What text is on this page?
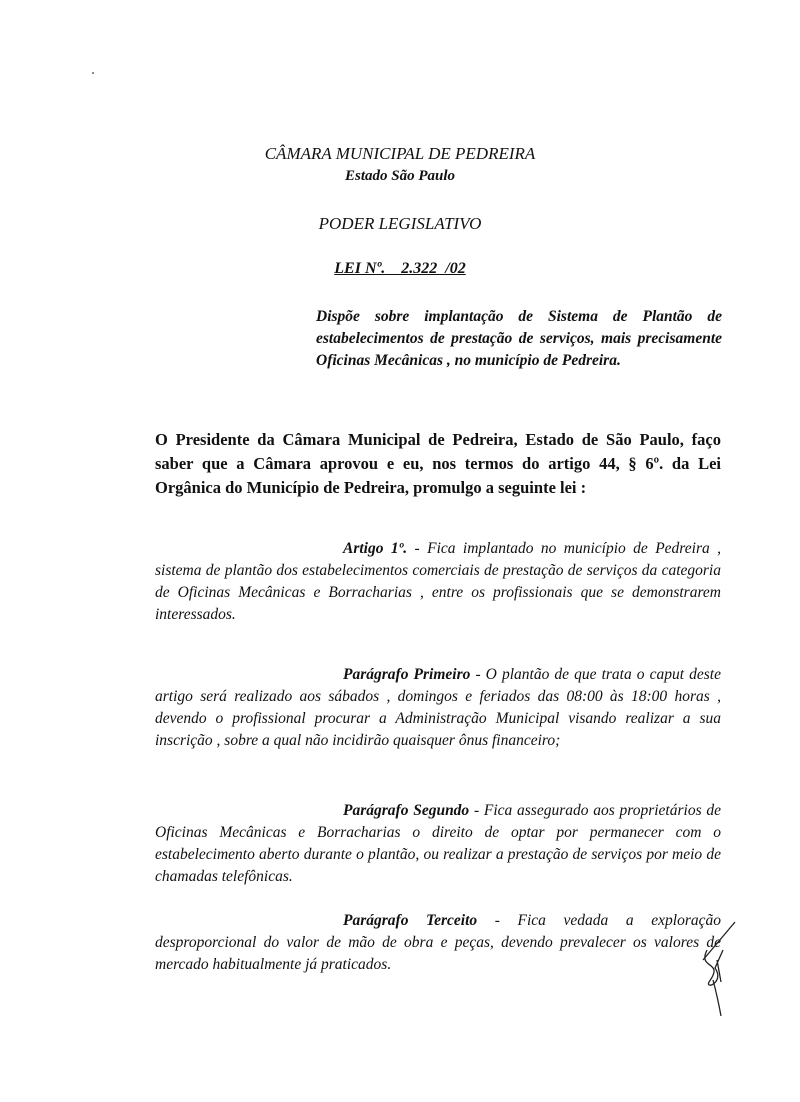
CÂMARA MUNICIPAL DE PEDREIRA
Estado São Paulo
PODER LEGISLATIVO
LEI Nº.    2.322  /02
Dispõe sobre implantação de Sistema de Plantão de estabelecimentos de prestação de serviços, mais precisamente Oficinas Mecânicas , no município de Pedreira.
O Presidente da Câmara Municipal de Pedreira, Estado de São Paulo, faço saber que a Câmara aprovou e eu, nos termos do artigo 44, § 6º. da Lei Orgânica do Município de Pedreira, promulgo a seguinte lei :
Artigo 1º. - Fica implantado no município de Pedreira , sistema de plantão dos estabelecimentos comerciais de prestação de serviços da categoria de Oficinas Mecânicas e Borracharias , entre os profissionais que se demonstrarem interessados.
Parágrafo Primeiro - O plantão de que trata o caput deste artigo será realizado aos sábados , domingos e feriados das 08:00 às 18:00 horas , devendo o profissional procurar a Administração Municipal visando realizar a sua inscrição , sobre a qual não incidirão quaisquer ônus financeiro;
Parágrafo Segundo - Fica assegurado aos proprietários de Oficinas Mecânicas e Borracharias o direito de optar por permanecer com o estabelecimento aberto durante o plantão, ou realizar a prestação de serviços por meio de chamadas telefônicas.
Parágrafo Terceito - Fica vedada a exploração desproporcional do valor de mão de obra e peças, devendo prevalecer os valores de mercado habitualmente já praticados.
